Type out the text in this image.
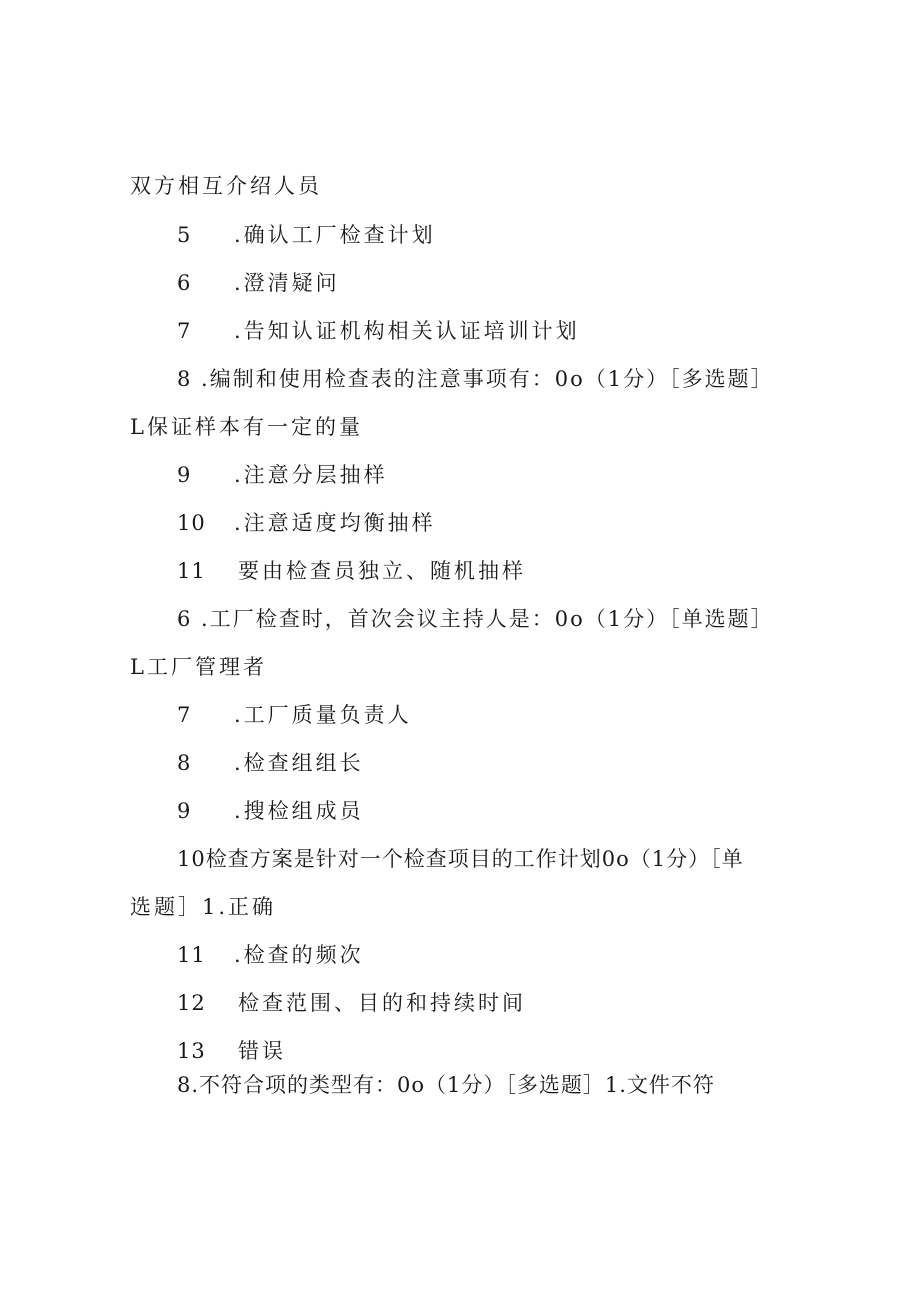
双方相互介绍人员
5 .确认工厂检查计划
6 .澄清疑问
7 .告知认证机构相关认证培训计划
8 .编制和使用检查表的注意事项有：0o（1分）［多选题］
L保证样本有一定的量
9 .注意分层抽样
10 .注意适度均衡抽样
11 要由检查员独立、随机抽样
6 .工厂检查时，首次会议主持人是：0o（1分）［单选题］
L工厂管理者
7 .工厂质量负责人
8 .检查组组长
9 .搜检组成员
10检查方案是针对一个检查项目的工作计划0o（1分）［单
选题］1.正确
11 .检查的频次
12 检查范围、目的和持续时间
13 错误
8.不符合项的类型有：0o（1分）［多选题］1.文件不符
